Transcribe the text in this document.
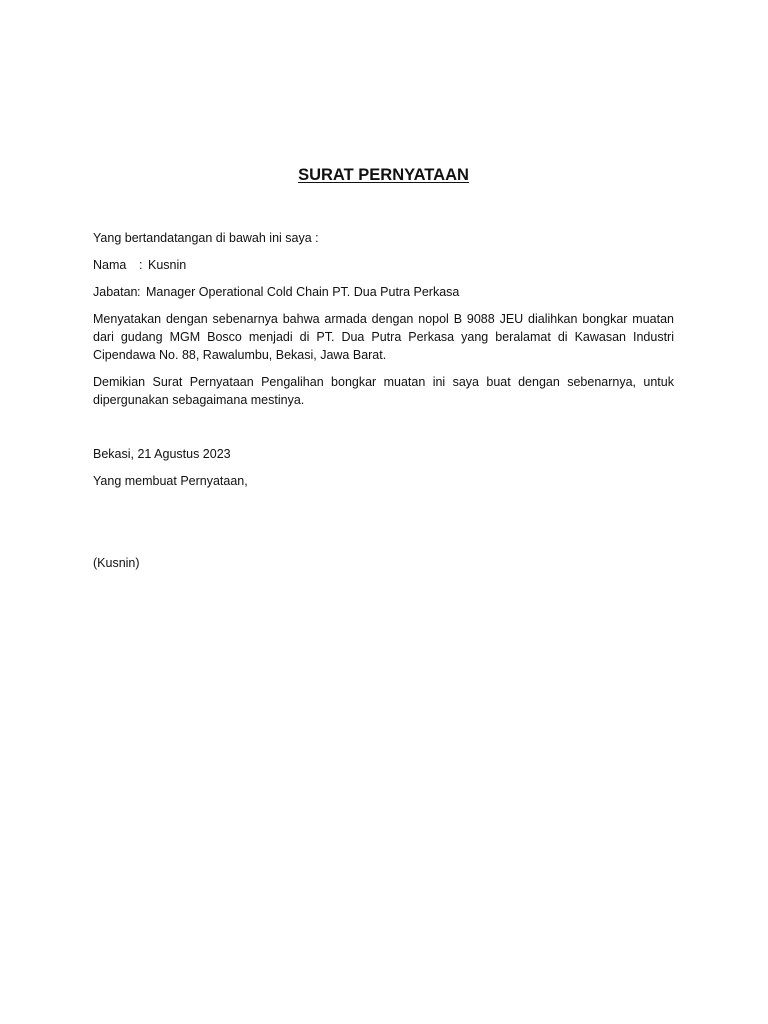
SURAT PERNYATAAN

Yang bertandatangan di bawah ini saya :

Nama	: Kusnin

Jabatan : Manager Operational Cold Chain PT. Dua Putra Perkasa

Menyatakan dengan sebenarnya bahwa armada dengan nopol B 9088 JEU dialihkan bongkar muatan dari gudang MGM Bosco menjadi di PT. Dua Putra Perkasa yang beralamat di Kawasan Industri Cipendawa No. 88, Rawalumbu, Bekasi, Jawa Barat.

Demikian Surat Pernyataan Pengalihan bongkar muatan ini saya buat dengan sebenarnya, untuk dipergunakan sebagaimana mestinya.

Bekasi, 21 Agustus 2023

Yang membuat Pernyataan,

(Kusnin)
